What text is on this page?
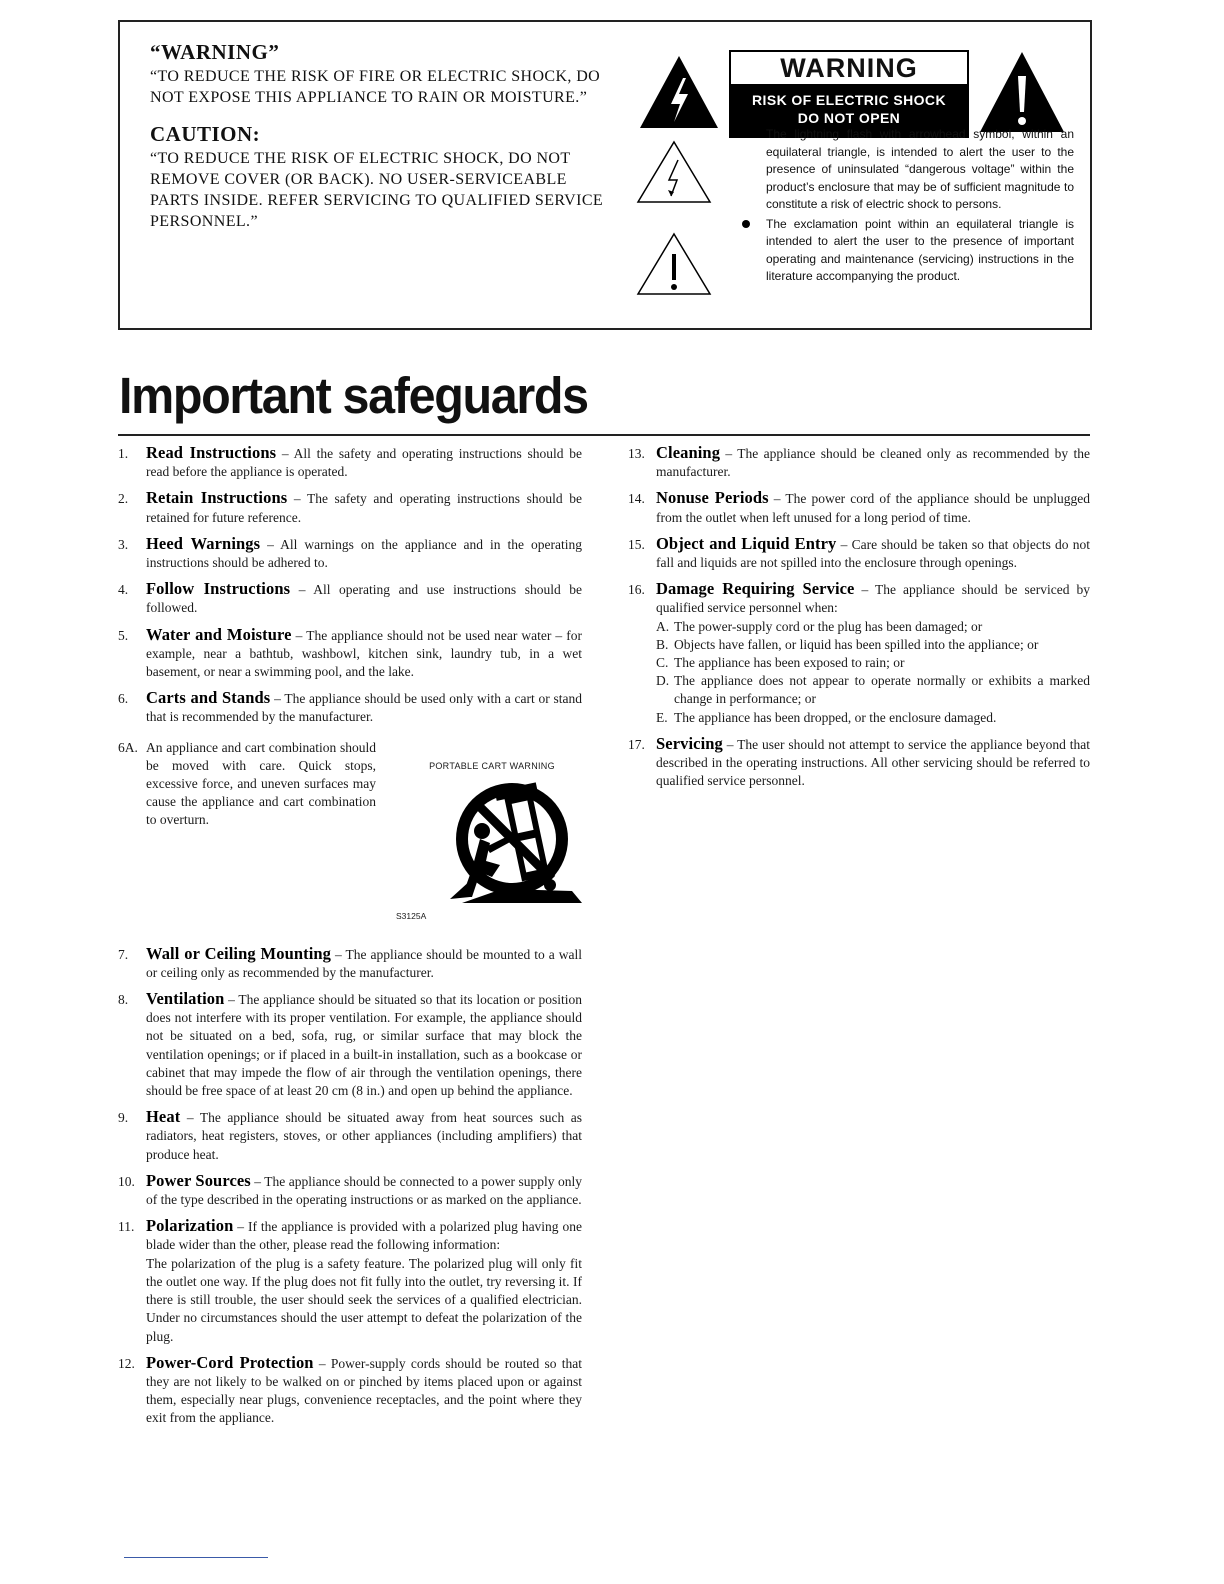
“WARNING”
“TO REDUCE THE RISK OF FIRE OR ELECTRIC SHOCK, DO NOT EXPOSE THIS APPLIANCE TO RAIN OR MOISTURE.”
CAUTION:
“TO REDUCE THE RISK OF ELECTRIC SHOCK, DO NOT REMOVE COVER (OR BACK). NO USER-SERVICEABLE PARTS INSIDE. REFER SERVICING TO QUALIFIED SERVICE PERSONNEL.”
WARNING
RISK OF ELECTRIC SHOCK
DO NOT OPEN
The lightning flash with arrowhead symbol, within an equilateral triangle, is intended to alert the user to the presence of uninsulated “dangerous voltage” within the product’s enclosure that may be of sufficient magnitude to constitute a risk of electric shock to persons.
The exclamation point within an equilateral triangle is intended to alert the user to the presence of important operating and maintenance (servicing) instructions in the literature accompanying the product.
Important safeguards
1.	Read Instructions – All the safety and operating instructions should be read before the appliance is operated.
2.	Retain Instructions – The safety and operating instructions should be retained for future reference.
3.	Heed Warnings – All warnings on the appliance and in the operating instructions should be adhered to.
4.	Follow Instructions – All operating and use instructions should be followed.
5.	Water and Moisture – The appliance should not be used near water – for example, near a bathtub, washbowl, kitchen sink, laundry tub, in a wet basement, or near a swimming pool, and the lake.
6.	Carts and Stands – The appliance should be used only with a cart or stand that is recommended by the manufacturer.
6A. An appliance and cart combination should be moved with care. Quick stops, excessive force, and uneven surfaces may cause the appliance and cart combination to overturn.
PORTABLE CART WARNING
S3125A
7.	Wall or Ceiling Mounting – The appliance should be mounted to a wall or ceiling only as recommended by the manufacturer.
8.	Ventilation – The appliance should be situated so that its location or position does not interfere with its proper ventilation. For example, the appliance should not be situated on a bed, sofa, rug, or similar surface that may block the ventilation openings; or if placed in a built-in installation, such as a bookcase or cabinet that may impede the flow of air through the ventilation openings, there should be free space of at least 20 cm (8 in.) and open up behind the appliance.
9.	Heat – The appliance should be situated away from heat sources such as radiators, heat registers, stoves, or other appliances (including amplifiers) that produce heat.
10. Power Sources – The appliance should be connected to a power supply only of the type described in the operating instructions or as marked on the appliance.
11. Polarization – If the appliance is provided with a polarized plug having one blade wider than the other, please read the following information:
The polarization of the plug is a safety feature. The polarized plug will only fit the outlet one way. If the plug does not fit fully into the outlet, try reversing it. If there is still trouble, the user should seek the services of a qualified electrician. Under no circumstances should the user attempt to defeat the polarization of the plug.
12. Power-Cord Protection – Power-supply cords should be routed so that they are not likely to be walked on or pinched by items placed upon or against them, especially near plugs, convenience receptacles, and the point where they exit from the appliance.
13. Cleaning – The appliance should be cleaned only as recommended by the manufacturer.
14. Nonuse Periods – The power cord of the appliance should be unplugged from the outlet when left unused for a long period of time.
15. Object and Liquid Entry – Care should be taken so that objects do not fall and liquids are not spilled into the enclosure through openings.
16. Damage Requiring Service – The appliance should be serviced by qualified service personnel when:
A. The power-supply cord or the plug has been damaged; or
B. Objects have fallen, or liquid has been spilled into the appliance; or
C. The appliance has been exposed to rain; or
D. The appliance does not appear to operate normally or exhibits a marked change in performance; or
E. The appliance has been dropped, or the enclosure damaged.
17. Servicing – The user should not attempt to service the appliance beyond that described in the operating instructions. All other servicing should be referred to qualified service personnel.
